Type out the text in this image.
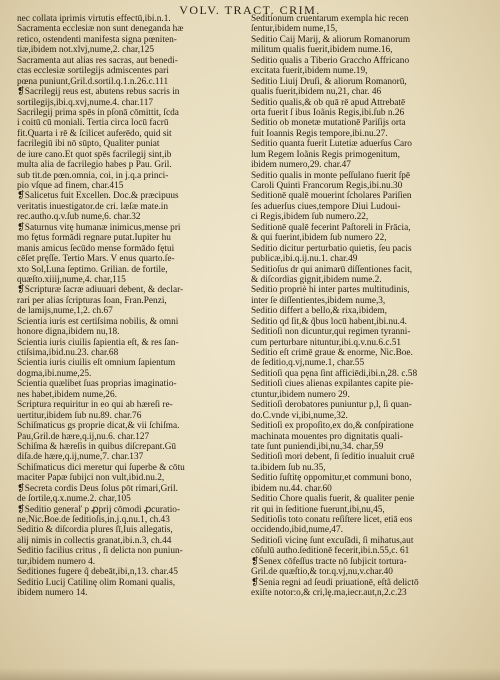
VOLV. TRACT. CRIM.
nec collata iprimis virtutis effectū,ibi.n.1.
Sacramenta ecclesiæ non sunt deneganda hæ
retico, ostendenti manifesta signa pœniten-
tiæ,ibidem not.xlvj,nume,2. char,125
Sacramenta aut alias res sacras, aut benedi-
ctas ecclesiæ sortilegijs admiscentes pari
pœna puniunt,Gril.d.sortil.q.1.n.26.c.111
❡Sacrilegij reus est, abutens rebus sacris in
sortilegijs,ibi.q.xvj,nume.4. char.117
Sacrilegij prima spēs in pſonā cōmittit, ſcda
i coitū cū moniali. Tertia circa locū facrū
fit.Quarta i rē & ſcilicet auferēdo, quid sit
facrilegiū ibi nō sūpto, Qualiter puniat
de iure cano.Et quot spēs facrilegij sint,ib
multa alia de facrilegio habes p Pau. Gril.
sub tit.de pœn.omnia, coi, in j.q.a princi-
pio vſque ad finem, char.415
❡Salicetus fuit Excellen. Doc.& præcipuus
veritatis inuestigator.de cri. læſæ mate.in
rec.autho.q.v.ſub nume,6. char.32
❡Saturnus vitę humanæ inimicus,mense pri
mo fętus formādi regnare putat.Iupiter hu
manis amicus ſecūdo mense formādo fętui
cēſet pręſſe. Tertio Mars. V enus quarto.ſe-
xto Sol,Luna ſeptimo. Grilian. de fortile,
quæſto.xiiij,nume,4. char,115
❡Scripturæ ſacræ adiuuari debent, & declar-
rari per alias ſcripturas Ioan, Fran.Penzi,
de lamijs,nume,1,2. ch.67
Scientia iuris est certiſsima nobilis, & omni
honore digna,ibidem nu,18.
Scientia iuris ciuilis ſapientia eſt, & res ſan-
ctiſsima,ibid.nu.23. char.68
Scientia iuris ciuilis eſt omnium ſapientum
dogma,ibi.nume,25.
Scientia quælibet ſuas proprias imaginatio-
nes habet,ibidem nume,26.
Scriptura requiritur in eo qui ab hæreſi re-
uertitur,ibidem ſub nu.89. char.76
Schiſmaticus gs proprie dicat,& vii ſchiſma.
Pau,Gril.de hære,q.ij,nu.6. char.127
Schiſma & hæreſis in quibus diſcrepant.Gū
diſa.de hære,q.ij,nume,7. char.137
Schiſmaticus dici meretur qui ſuperbe & cōtu
maciter Papæ ſubijci non vult,ibid.nu.2,
❡Secreta cordis Deus ſolus pōt rimari,Gril.
de ſortile,q.x.nume.2. char,105
❡Seditio generaľ p ꝓprij cōmodi ꝓcuratio-
ne,Nic.Boe.de ſeditioſis,in.j.q.nu.1, ch.43
Seditio & diſcordia plures ſī,Iuis allegatis,
alij nimis in collectis granat,ibi.n.3, ch.44
Seditio facilius critus , ſi delicta non puniun-
tur,ibidem numero 4.
Seditiones fugere q̃ debeāt,ibi,n,13. char.45
Seditio Lucij Catilinę olim Romani qualis,
ibidem numero 14.
Seditionum cruentarum exempla hic recen
ſentur,ibidem nume,15,
Seditio Caij Marij, & aliorum Romanorum
militum qualis fuerit,ibidem nume.16,
Seditio qualis a Tiberio Graccho Affricano
excitata fuerit,ibidem nume.19,
Seditio Liuij Druſi, & aliorum Romanorū,
qualis fuerit,ibidem nu,21, char. 46
Seditio qualis,& ob quā rē apud Attrebatē
orta fuerit ſ ibus Ioãnis Regis,ibi.ſub n.26
Seditio ob monetæ mutationē Pariſijs orta
fuit Ioannis Regis tempore,ibi.nu.27.
Seditio quanta fuerit Lutetiæ aduerſus Caro
lum Regem Ioãnis Regis primogenitum,
ibidem numero,29. char.47
Seditio qualis in monte peſſulano fuerit ſpē
Caroli Quinti Francorum Regis,ibi.nu.30
Seditionē qualē mouerint ſcholares Pariſien
ſes aduerſus ciues,tempore Diui Ludoui-
ci Regis,ibidem ſub numero.22,
Seditionē qualē fecerint Paſtoreli in Frācia,
& qui fuerint,ibidem ſub numero 22,
Seditio dicitur perturbatio quietis, ſeu pacis
publicæ,ibi.q.ij.nu.1. char.49
Seditioſus dr qui animarū diſſentiones facit,
& diſcordias gignit,ibidem nume.2.
Seditio propriè hi inter partes multitudinis,
inter ſe diſſentientes,ibidem nume,3,
Seditio differt a bello,& rixa,ibidem,
Seditio qd ſit,& q̃bus locū habent,ibi.nu.4.
Seditioſi non dicuntur,qui regimen tyranni-
cum perturbare nituntur,ibi.q.v.nu.6.c.51
Seditio eſt crimē graue & enorme, Nic.Boe.
de ſeditio,q.vj,nume.1, char.55
Seditioſi qua pęna ſint afficiēdi,ibi.n,28. c.58
Seditioſi ciues alienas expilantes capite pie-
ctuntur,ibidem numero 29.
Seditioſi derobatores puniuntur p,l, ſi quan-
do.C.vnde vi,ibi,nume,32.
Seditioſi ex propoſito,ex do,& conſpiratione
machinata mouentes pro dignitatis quali-
tate ſunt puniendi,ibi,nu,34. char,59
Seditioſi mori debent, ſi ſeditio inualuit cruē
ta.ibidem ſub nu.35,
Seditio ſuſtitę oppomitur,et communi bono,
ibidem nu.44. char.60
Seditio Chore qualis fuerit, & qualiter penie
rit qui in ſeditione fuerunt,ibi,nu,45,
Seditioſis toto conatu reſiſtere licet, etiā eos
occidendo,ibid,nume,47.
Seditioſi vicinę ſunt excuſādi, ſi mihatus,aut
cōſulū autho.ſeditionē fecerit,ibi.n.55,c. 61
❡Senex cōfeſſus tracte nō ſubjicit tortura-
Gril.de quæſtio,& tor.q.vj,nu,v.char.40
❡Senia regni ad ſeudi priuationē, eſtã delictō
exiſte notor:o,& cri,lę.ma,iecr.aut,n,2.c.23
